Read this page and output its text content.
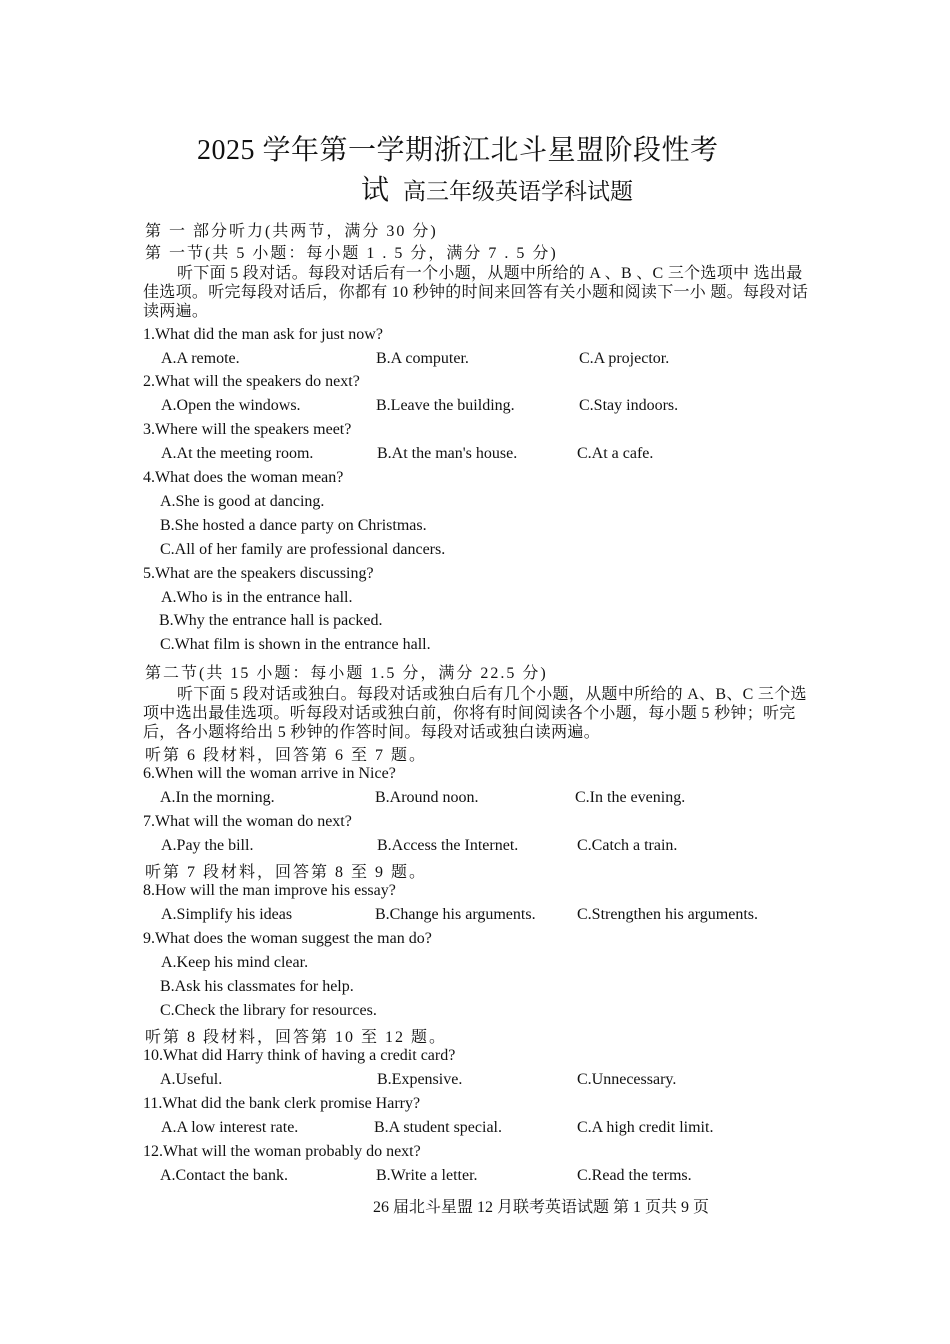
2025 学年第一学期浙江北斗星盟阶段性考
试 高三年级英语学科试题
第 一 部分听力(共两节，满分 30 分)
第 一节(共 5 小题：每小题 1 . 5 分，满分 7 . 5 分)
听下面 5 段对话。每段对话后有一个小题，从题中所给的 A 、B 、C 三个选项中 选出最佳选项。听完每段对话后，你都有 10 秒钟的时间来回答有关小题和阅读下一小 题。每段对话读两遍。
1.What did the man ask for just now?
A.A remote.	B.A computer.	C.A projector.
2.What will the speakers do next?
A.Open the windows.	B.Leave the building.	C.Stay indoors.
3.Where will the speakers meet?
A.At the meeting room.	B.At the man's house.	C.At a cafe.
4.What does the woman mean?
A.She is good at dancing.
B.She hosted a dance party on Christmas.
C.All of her family are professional dancers.
5.What are the speakers discussing?
A.Who is in the entrance hall.
B.Why the entrance hall is packed.
C.What film is shown in the entrance hall.
第二节(共 15 小题：每小题 1.5 分，满分 22.5 分)
听下面 5 段对话或独白。每段对话或独白后有几个小题，从题中所给的 A、B、C 三个选项中选出最佳选项。听每段对话或独白前，你将有时间阅读各个小题，每小题 5 秒钟；听完后，各小题将给出 5 秒钟的作答时间。每段对话或独白读两遍。
听第 6 段材料，回答第 6 至 7 题。
6.When will the woman arrive in Nice?
A.In the morning.	B.Around noon.	C.In the evening.
7.What will the woman do next?
A.Pay the bill.	B.Access the Internet.	C.Catch a train.
听第 7 段材料，回答第 8 至 9 题。
8.How will the man improve his essay?
A.Simplify his ideas	B.Change his arguments.	C.Strengthen his arguments.
9.What does the woman suggest the man do?
A.Keep his mind clear.
B.Ask his classmates for help.
C.Check the library for resources.
听第 8 段材料，回答第 10 至 12 题。
10.What did Harry think of having a credit card?
A.Useful.	B.Expensive.	C.Unnecessary.
11.What did the bank clerk promise Harry?
A.A low interest rate.	B.A student special.	C.A high credit limit.
12.What will the woman probably do next?
A.Contact the bank.	B.Write a letter.	C.Read the terms.
26 届北斗星盟 12 月联考英语试题 第 1 页共 9 页
